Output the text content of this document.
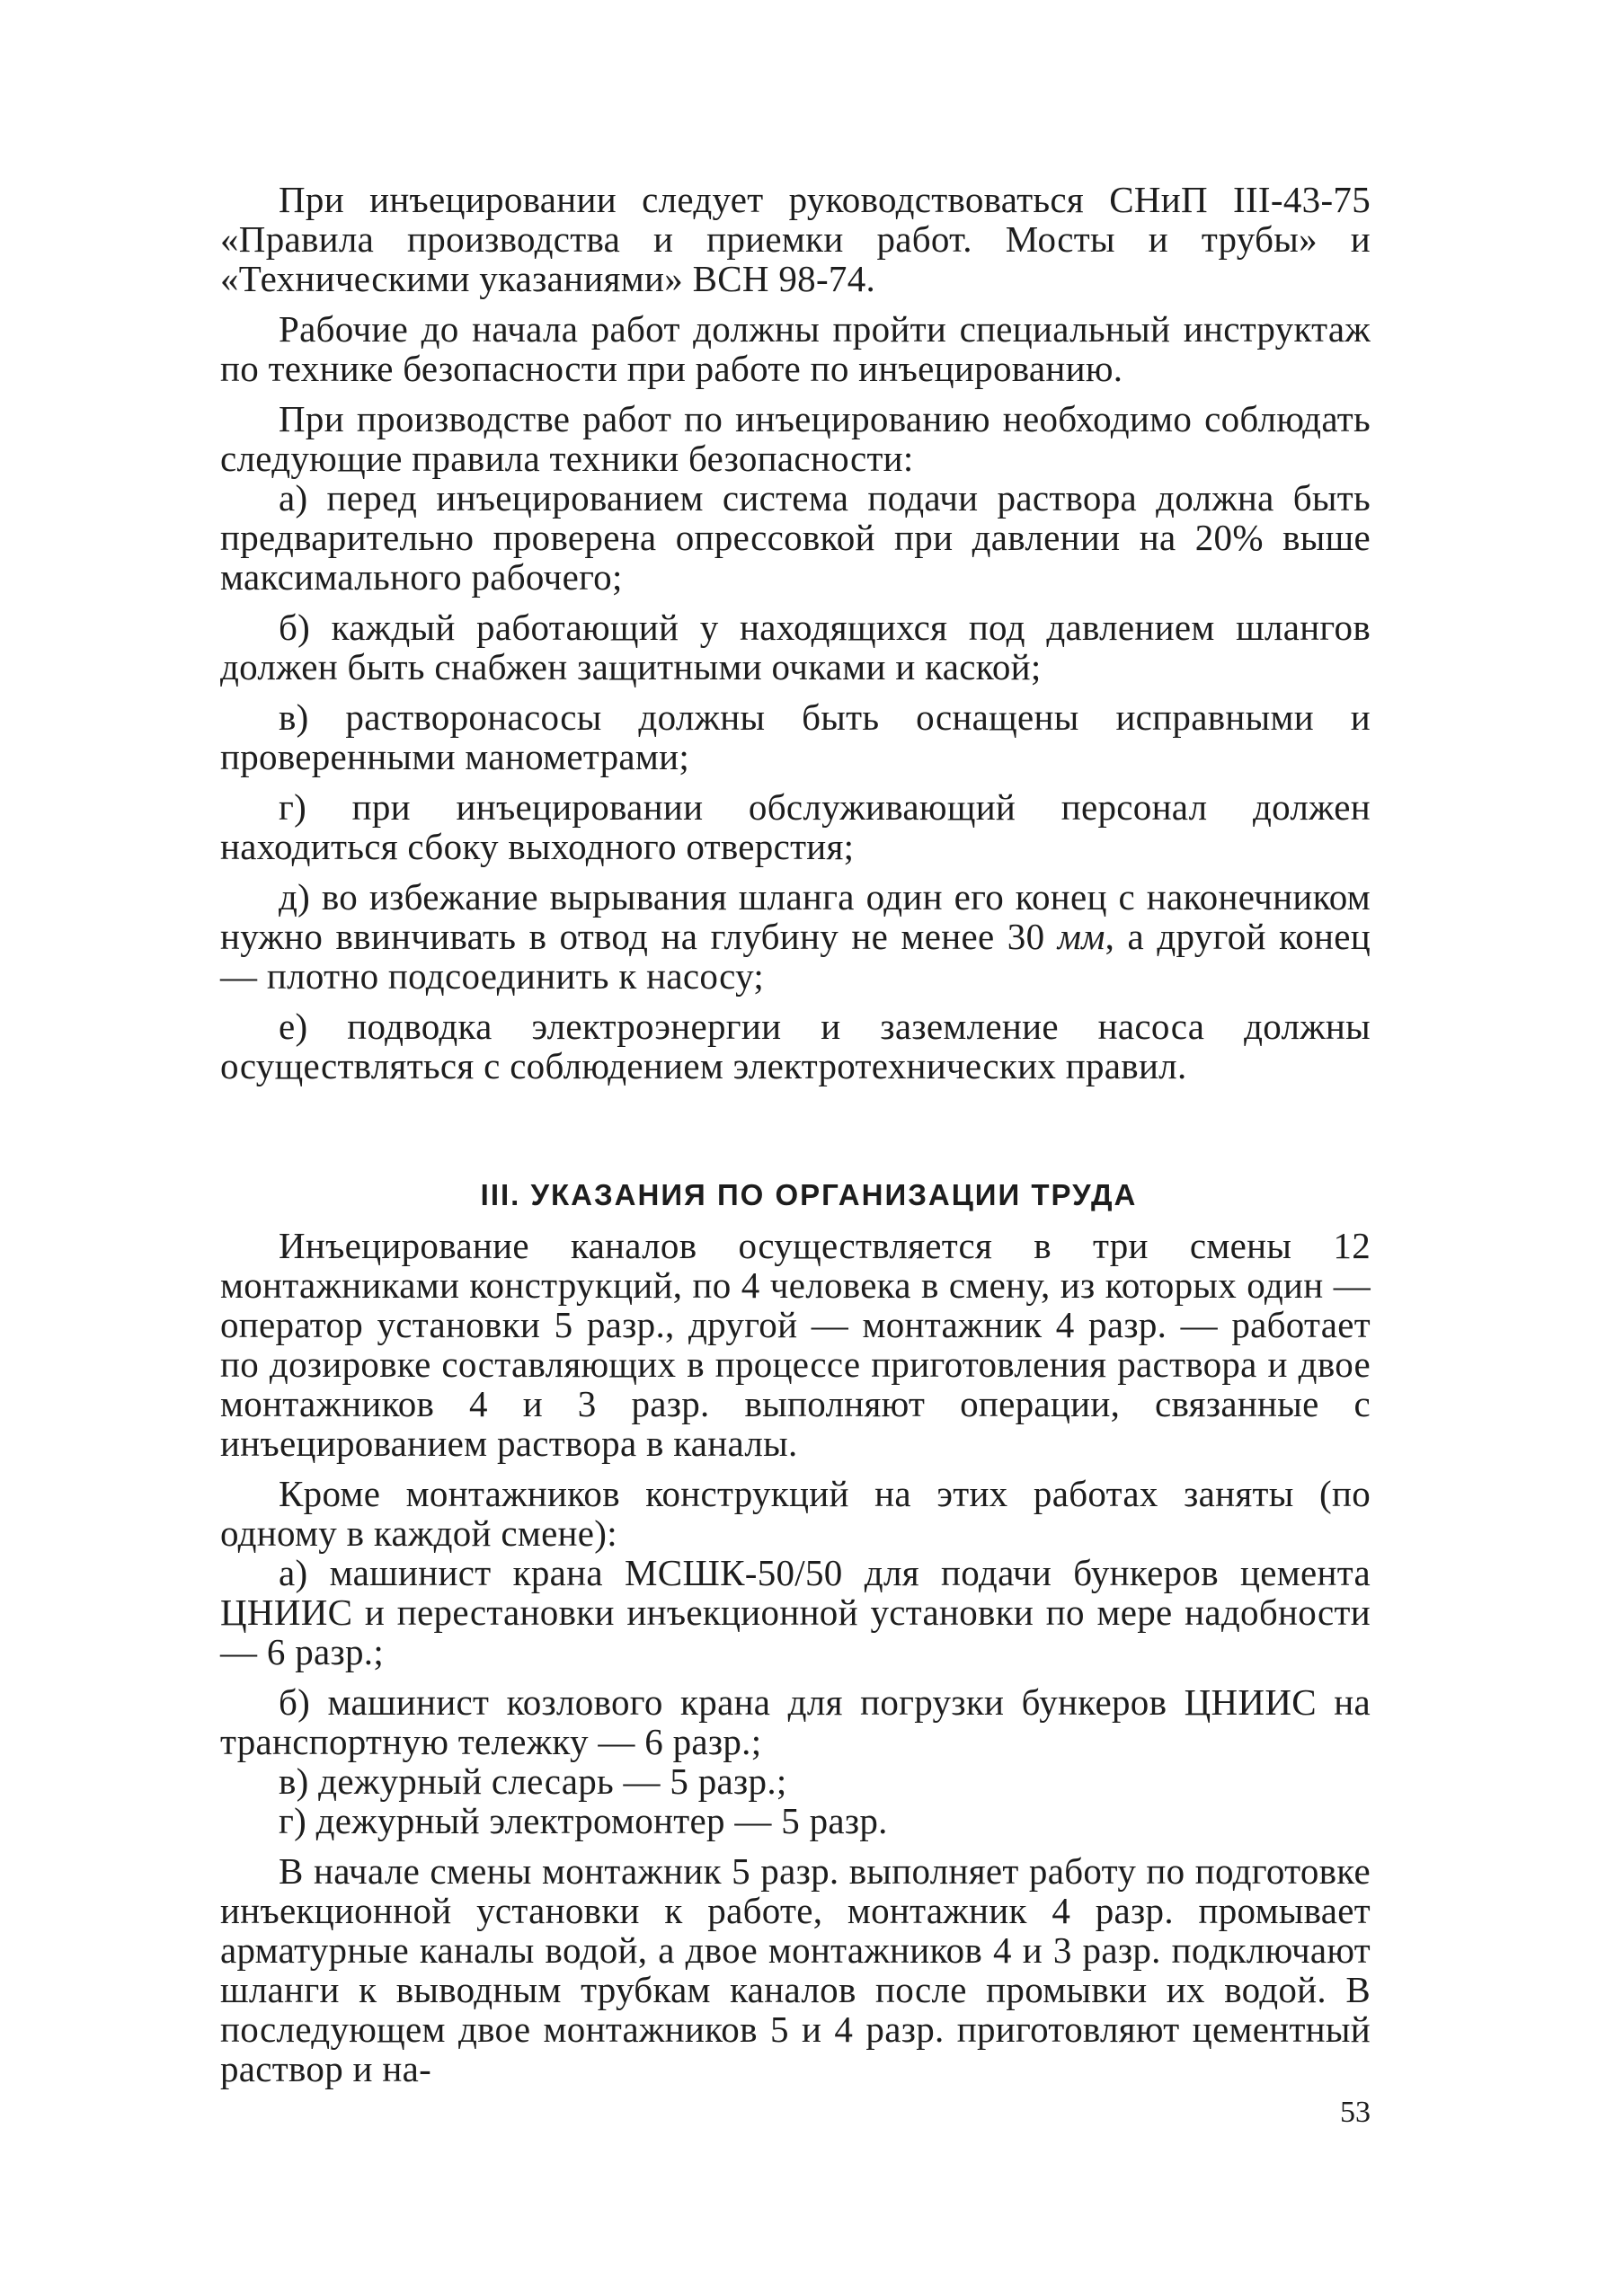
При инъецировании следует руководствоваться СНиП III-43-75 «Правила производства и приемки работ. Мосты и трубы» и «Техническими указаниями» ВСН 98-74.

Рабочие до начала работ должны пройти специальный инструктаж по технике безопасности при работе по инъецированию.

При производстве работ по инъецированию необходимо соблюдать следующие правила техники безопасности:

а) перед инъецированием система подачи раствора должна быть предварительно проверена опрессовкой при давлении на 20% выше максимального рабочего;

б) каждый работающий у находящихся под давлением шлангов должен быть снабжен защитными очками и каской;

в) растворонасосы должны быть оснащены исправными и проверенными манометрами;

г) при инъецировании обслуживающий персонал должен находиться сбоку выходного отверстия;

д) во избежание вырывания шланга один его конец с наконечником нужно ввинчивать в отвод на глубину не менее 30 мм, а другой конец — плотно подсоединить к насосу;

е) подводка электроэнергии и заземление насоса должны осуществляться с соблюдением электротехнических правил.

III. УКАЗАНИЯ ПО ОРГАНИЗАЦИИ ТРУДА

Инъецирование каналов осуществляется в три смены 12 монтажниками конструкций, по 4 человека в смену, из которых один — оператор установки 5 разр., другой — монтажник 4 разр. — работает по дозировке составляющих в процессе приготовления раствора и двое монтажников 4 и 3 разр. выполняют операции, связанные с инъецированием раствора в каналы.

Кроме монтажников конструкций на этих работах заняты (по одному в каждой смене):

а) машинист крана МСШК-50/50 для подачи бункеров цемента ЦНИИС и перестановки инъекционной установки по мере надобности — 6 разр.;

б) машинист козлового крана для погрузки бункеров ЦНИИС на транспортную тележку — 6 разр.;

в) дежурный слесарь — 5 разр.;

г) дежурный электромонтер — 5 разр.

В начале смены монтажник 5 разр. выполняет работу по подготовке инъекционной установки к работе, монтажник 4 разр. промывает арматурные каналы водой, а двое монтажников 4 и 3 разр. подключают шланги к выводным трубкам каналов после промывки их водой. В последующем двое монтажников 5 и 4 разр. приготовляют цементный раствор и на-

53
